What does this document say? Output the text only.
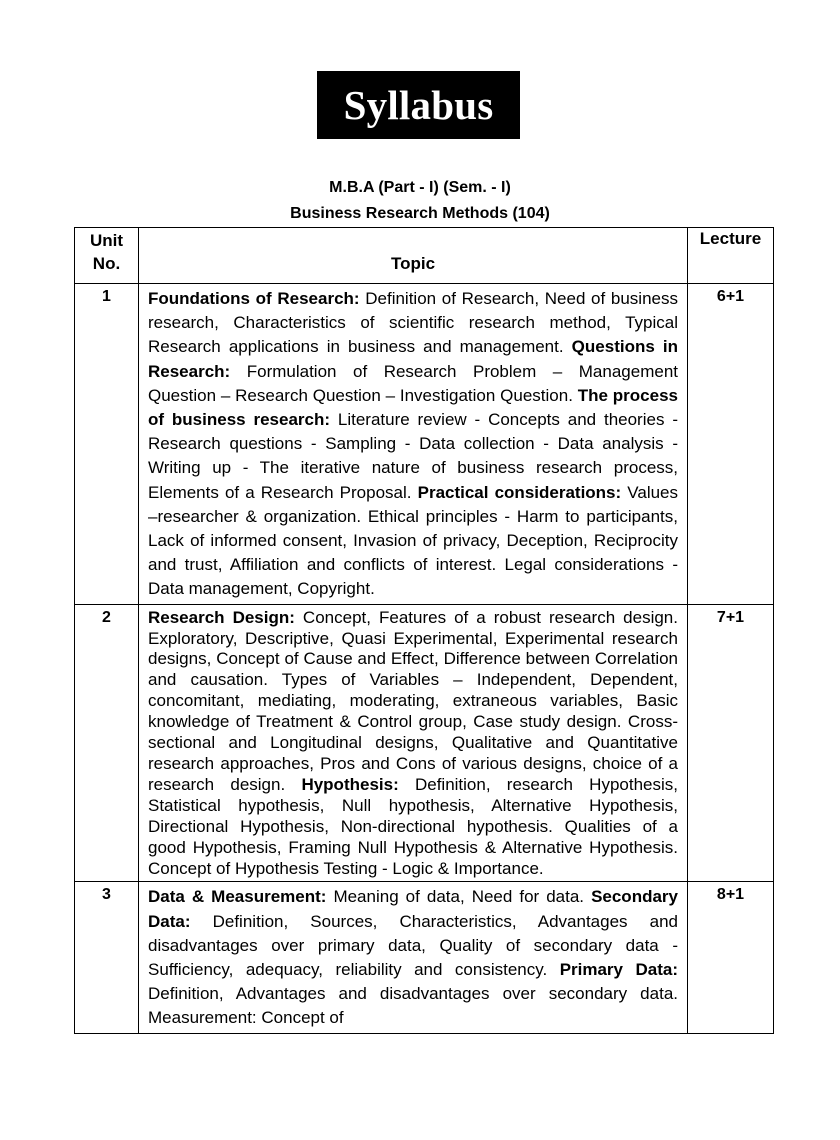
Syllabus
M.B.A (Part - I) (Sem. - I)
Business Research Methods (104)
Unit
No.	Topic	Lecture
1	Foundations of Research: Definition of Research, Need of business research, Characteristics of scientific research method, Typical Research applications in business and management. Questions in Research: Formulation of Research Problem – Management Question – Research Question – Investigation Question. The process of business research: Literature review - Concepts and theories - Research questions - Sampling - Data collection - Data analysis - Writing up - The iterative nature of business research process, Elements of a Research Proposal. Practical considerations: Values –researcher & organization. Ethical principles - Harm to participants, Lack of informed consent, Invasion of privacy, Deception, Reciprocity and trust, Affiliation and conflicts of interest. Legal considerations - Data management, Copyright.	6+1
2	Research Design: Concept, Features of a robust research design. Exploratory, Descriptive, Quasi Experimental, Experimental research designs, Concept of Cause and Effect, Difference between Correlation and causation. Types of Variables – Independent, Dependent, concomitant, mediating, moderating, extraneous variables, Basic knowledge of Treatment & Control group, Case study design. Cross-sectional and Longitudinal designs, Qualitative and Quantitative research approaches, Pros and Cons of various designs, choice of a research design. Hypothesis: Definition, research Hypothesis, Statistical hypothesis, Null hypothesis, Alternative Hypothesis, Directional Hypothesis, Non-directional hypothesis. Qualities of a good Hypothesis, Framing Null Hypothesis & Alternative Hypothesis. Concept of Hypothesis Testing - Logic & Importance.	7+1
3	Data & Measurement: Meaning of data, Need for data. Secondary Data: Definition, Sources, Characteristics, Advantages and disadvantages over primary data, Quality of secondary data - Sufficiency, adequacy, reliability and consistency. Primary Data: Definition, Advantages and disadvantages over secondary data. Measurement: Concept of	8+1
